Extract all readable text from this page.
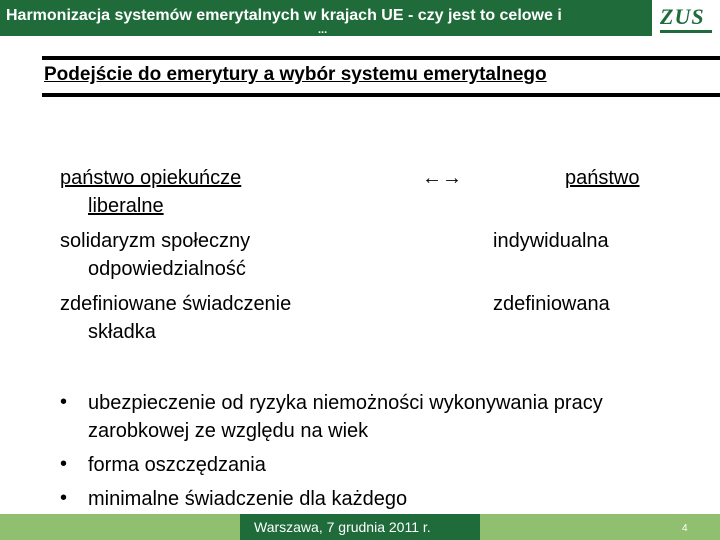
Harmonizacja systemów emerytalnych w krajach UE - czy jest to celowe i
...
ZUS
Podejście do emerytury a wybór systemu emerytalnego
państwo opiekuńcze
liberalne
←→	państwo
solidaryzm społeczny
odpowiedzialność
indywidualna
zdefiniowane świadczenie
składka
zdefiniowana
• ubezpieczenie od ryzyka niemożności wykonywania pracy
zarobkowej ze względu na wiek
• forma oszczędzania
• minimalne świadczenie dla każdego
Warszawa, 7 grudnia 2011 r.	4
